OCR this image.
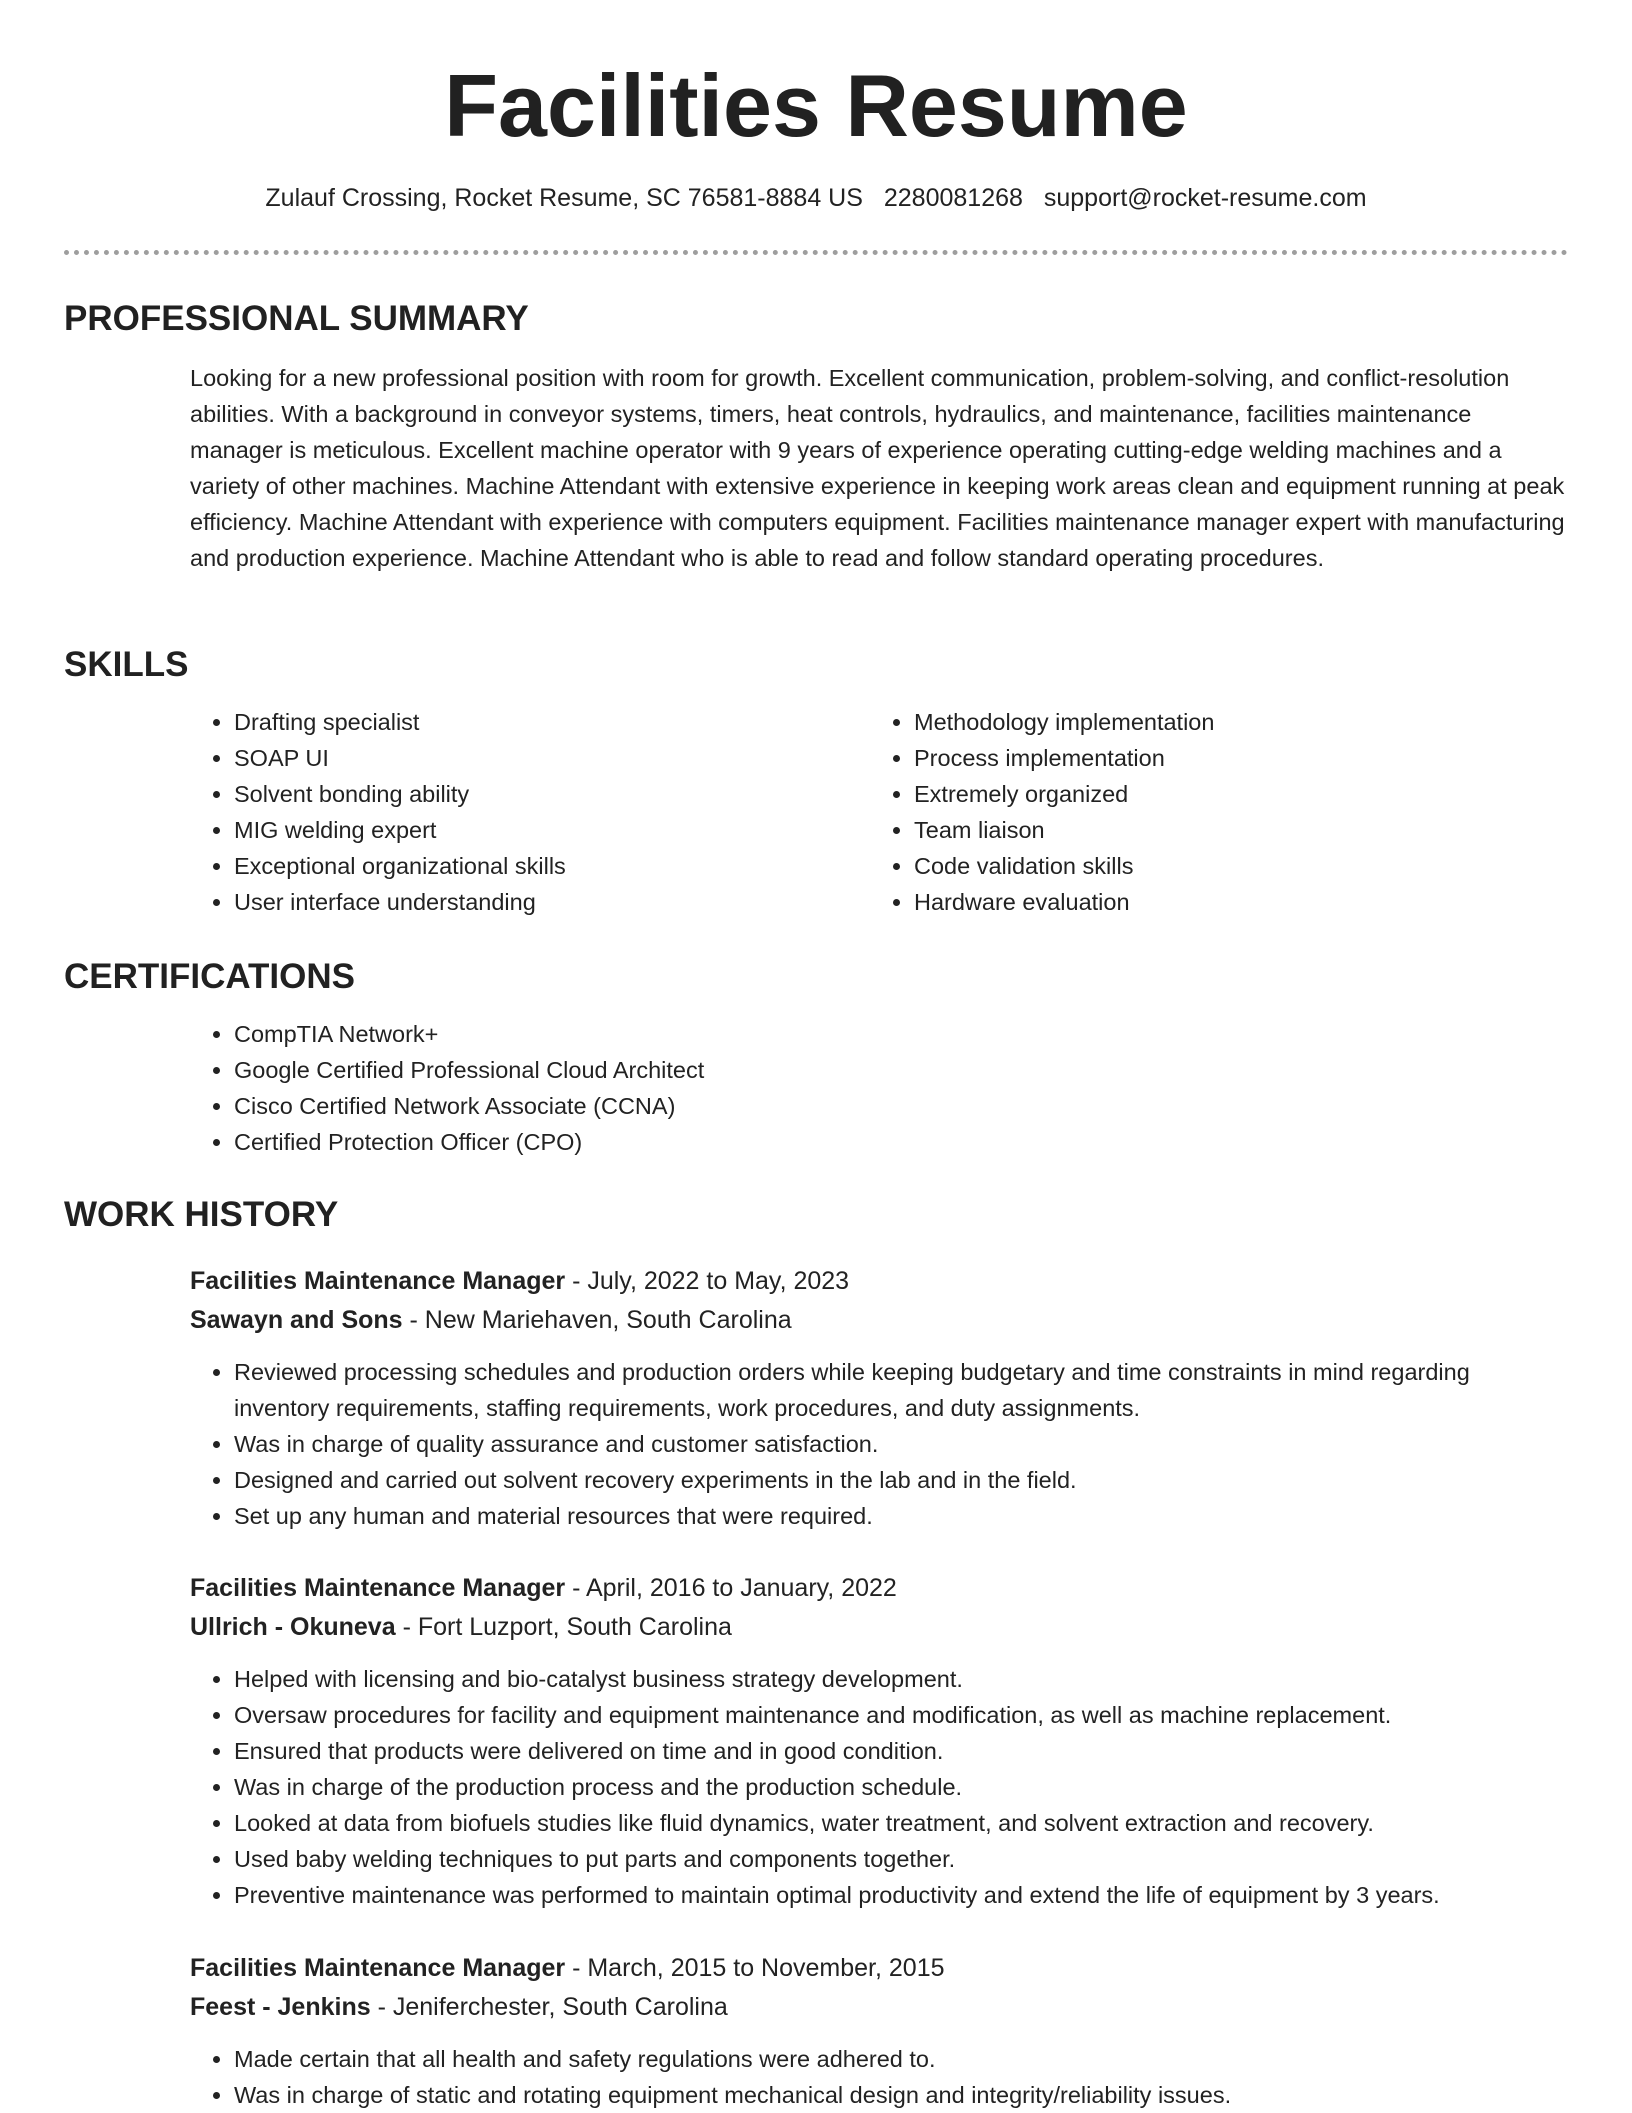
Facilities Resume
Zulauf Crossing, Rocket Resume, SC 76581-8884 US 2280081268 support@rocket-resume.com
PROFESSIONAL SUMMARY

Looking for a new professional position with room for growth. Excellent communication, problem-solving, and conflict-resolution abilities. With a background in conveyor systems, timers, heat controls, hydraulics, and maintenance, facilities maintenance manager is meticulous. Excellent machine operator with 9 years of experience operating cutting-edge welding machines and a variety of other machines. Machine Attendant with extensive experience in keeping work areas clean and equipment running at peak efficiency. Machine Attendant with experience with computers equipment. Facilities maintenance manager expert with manufacturing and production experience. Machine Attendant who is able to read and follow standard operating procedures.

SKILLS
• Drafting specialist
• SOAP UI
• Solvent bonding ability
• MIG welding expert
• Exceptional organizational skills
• User interface understanding
• Methodology implementation
• Process implementation
• Extremely organized
• Team liaison
• Code validation skills
• Hardware evaluation
CERTIFICATIONS
• CompTIA Network+
• Google Certified Professional Cloud Architect
• Cisco Certified Network Associate (CCNA)
• Certified Protection Officer (CPO)
WORK HISTORY
Facilities Maintenance Manager - July, 2022 to May, 2023
Sawayn and Sons - New Mariehaven, South Carolina
• Reviewed processing schedules and production orders while keeping budgetary and time constraints in mind regarding inventory requirements, staffing requirements, work procedures, and duty assignments.
• Was in charge of quality assurance and customer satisfaction.
• Designed and carried out solvent recovery experiments in the lab and in the field.
• Set up any human and material resources that were required.
Facilities Maintenance Manager - April, 2016 to January, 2022
Ullrich - Okuneva - Fort Luzport, South Carolina
• Helped with licensing and bio-catalyst business strategy development.
• Oversaw procedures for facility and equipment maintenance and modification, as well as machine replacement.
• Ensured that products were delivered on time and in good condition.
• Was in charge of the production process and the production schedule.
• Looked at data from biofuels studies like fluid dynamics, water treatment, and solvent extraction and recovery.
• Used baby welding techniques to put parts and components together.
• Preventive maintenance was performed to maintain optimal productivity and extend the life of equipment by 3 years.
Facilities Maintenance Manager - March, 2015 to November, 2015
Feest - Jenkins - Jeniferchester, South Carolina
• Made certain that all health and safety regulations were adhered to.
• Was in charge of static and rotating equipment mechanical design and integrity/reliability issues.
